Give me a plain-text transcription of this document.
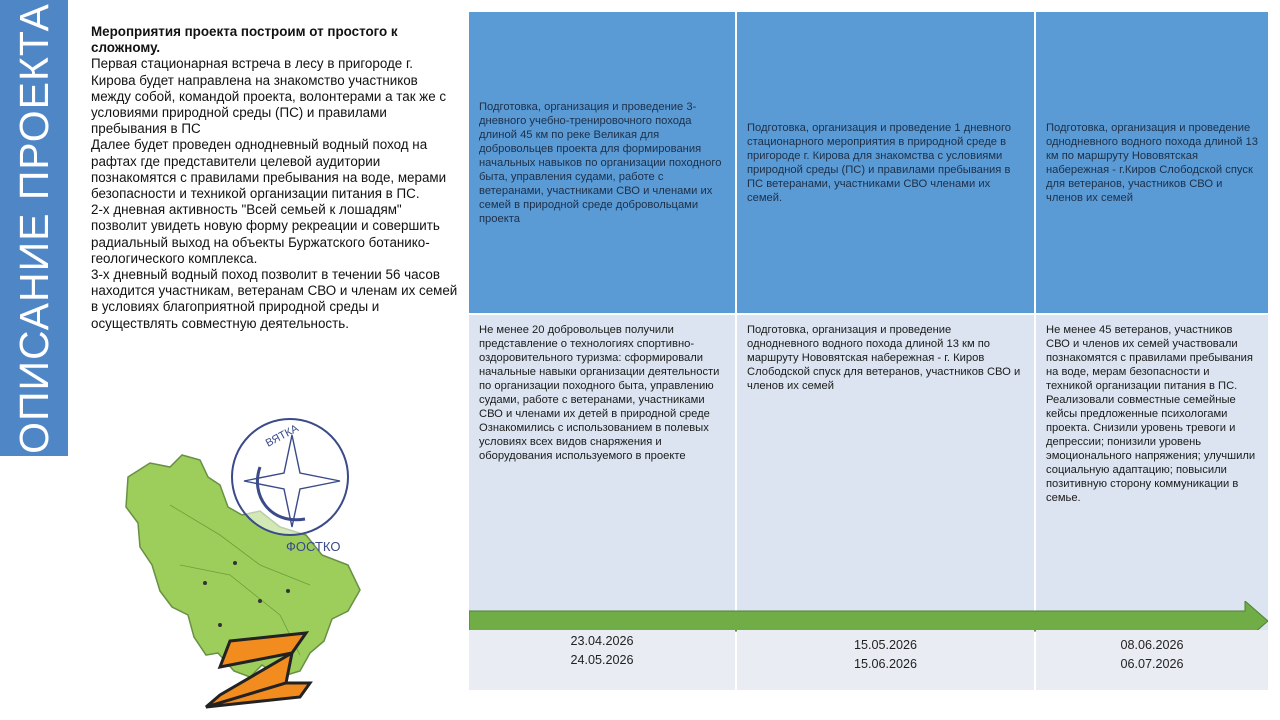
ОПИСАНИЕ ПРОЕКТА	Мероприятия проекта построим от простого к сложному.
Первая стационарная встреча в лесу в пригороде г. Кирова будет направлена на знакомство участников между собой, командой проекта, волонтерами а так же с условиями природной среды (ПС) и правилами пребывания в ПС
Далее будет проведен однодневный водный поход на рафтах где представители целевой аудитории познакомятся с правилами пребывания на воде, мерами безопасности и техникой организации питания в ПС.
2-х дневная активность "Всей семьей к лошадям" позволит увидеть новую форму рекреации и совершить радиальный выход на объекты Буржатского ботанико-геологического комплекса.
3-х дневный водный поход позволит в течении 56 часов находится участникам, ветеранам СВО и членам их семей в условиях благоприятной природной среды и осуществлять совместную деятельность.
ВЯТКА
ФОСТКО
Подготовка, организация и проведение 3-дневного учебно-тренировочного похода длиной 45 км по реке Великая для добровольцев проекта для формирования начальных навыков по организации походного быта, управления судами, работе с ветеранами, участниками СВО и членами их семей в природной среде добровольцами проекта
Подготовка, организация и проведение 1 дневного стационарного мероприятия в природной среде в пригороде г. Кирова для знакомства с условиями природной среды (ПС) и правилами пребывания в ПС ветеранами, участниками СВО членами их семей.
Подготовка, организация и проведение однодневного водного похода длиной 13 км по маршруту Нововятская набережная - г.Киров Слободской спуск для ветеранов, участников СВО и членов их семей
Не менее 20 добровольцев получили представление о технологиях спортивно-оздоровительного туризма: сформировали начальные навыки организации деятельности по организации походного быта, управлению судами, работе с ветеранами, участниками СВО и членами их детей в природной среде
Ознакомились с использованием в полевых условиях всех видов снаряжения и оборудования используемого в проекте
Подготовка, организация и проведение однодневного водного похода длиной 13 км по маршруту Нововятская набережная - г. Киров Слободской спуск для ветеранов, участников СВО и членов их семей
Не менее 45 ветеранов, участников СВО и членов их семей участвовали познакомятся с правилами пребывания на воде, мерам безопасности и техникой организации питания в ПС.
Реализовали совместные семейные кейсы предложенные психологами проекта. Снизили уровень тревоги и депрессии; понизили уровень эмоционального напряжения; улучшили социальную адаптацию; повысили позитивную сторону коммуникации в семье.
23.04.2026
24.05.2026
15.05.2026
15.06.2026
08.06.2026
06.07.2026
